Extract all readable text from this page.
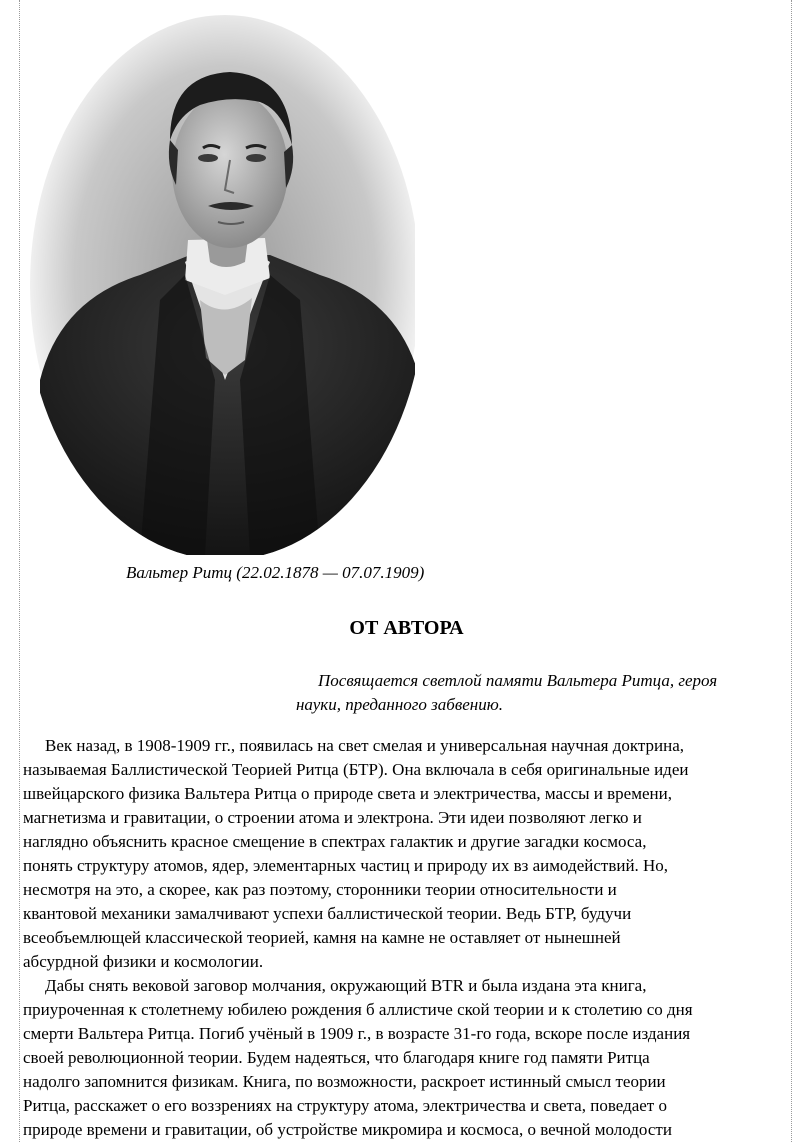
Вальтер Ритц (22.02.1878 — 07.07.1909)
ОТ АВТОРА
Посвящается светлой памяти Вальтера Ритца, героя
науки, преданного забвению.
Век назад, в 1908-1909 гг., появилась на свет смелая и универсальная научная доктрина,
называемая Баллистической Теорией Ритца (БТР). Она включала в себя оригинальные идеи
швейцарского физика Вальтера Ритца о природе света и электричества, массы и времени,
магнетизма и гравитации, о строении атома и электрона. Эти идеи позволяют легко и
наглядно объяснить красное смещение в спектрах галактик и другие загадки космоса,
понять структуру атомов, ядер, элементарных частиц и природу их вз аимодействий. Но,
несмотря на это, а скорее, как раз поэтому, сторонники теории относительности и
квантовой механики замалчивают успехи баллистической теории. Ведь БТР, будучи
всеобъемлющей классической теорией, камня на камне не оставляет от нынешней
абсурдной физики и космологии.
Дабы снять вековой заговор молчания, окружающий BTR и была издана эта книга,
приуроченная к столетнему юбилею рождения б аллистиче ской теории и к столетию со дня
смерти Вальтера Ритца. Погиб учёный в 1909 г., в возрасте 31-го года, вскоре после издания
своей революционной теории. Будем надеяться, что благодаря книге год памяти Ритца
надолго запомнится физикам. Книга, по возможности, раскроет истинный смысл теории
Ритца, расскажет о его воззрениях на структуру атома, электричества и света, поведает о
природе времени и гравитации, об устройстве микромира и космоса, о вечной молодости
